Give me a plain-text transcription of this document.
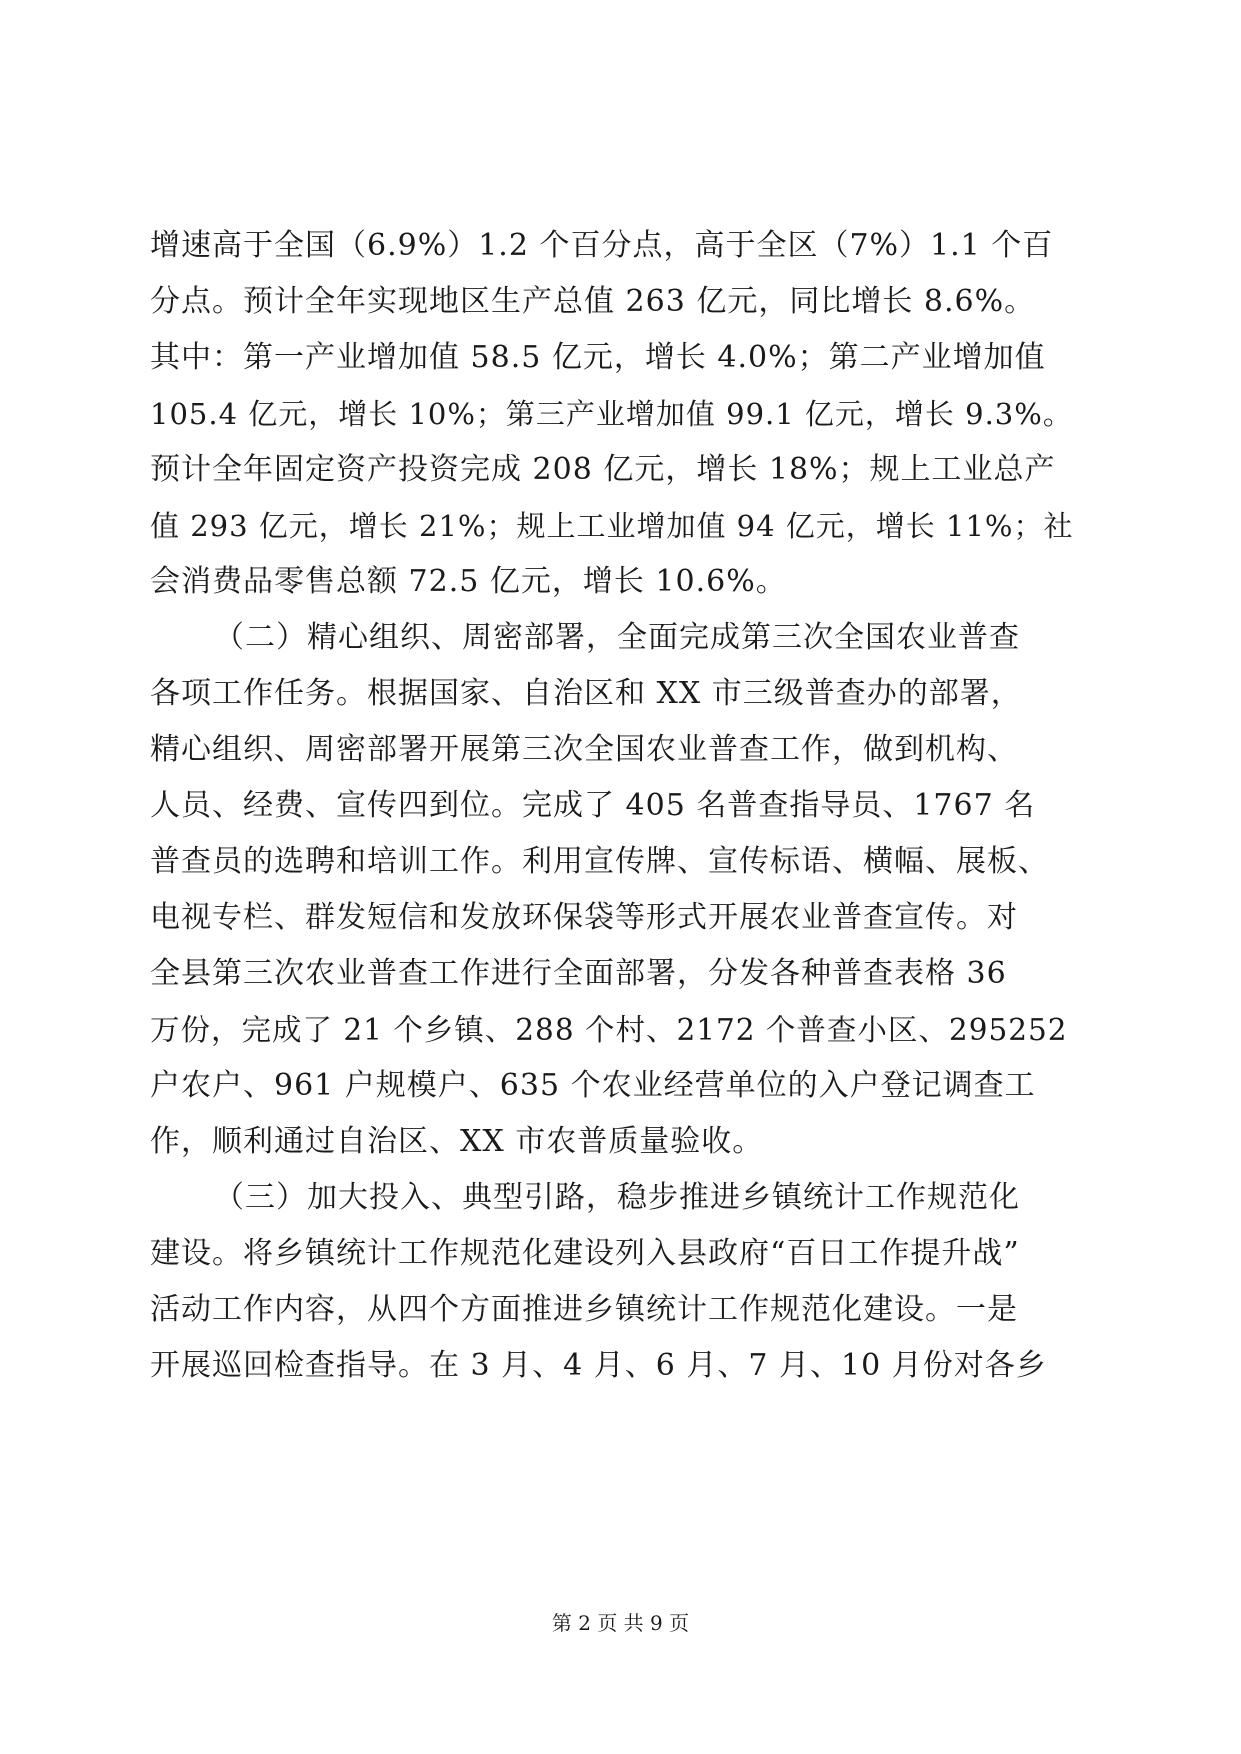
增速高于全国（6.9%）1.2 个百分点，高于全区（7%）1.1 个百
分点。预计全年实现地区生产总值 263 亿元，同比增长 8.6%。
其中：第一产业增加值 58.5 亿元，增长 4.0%；第二产业增加值
105.4 亿元，增长 10%；第三产业增加值 99.1 亿元，增长 9.3%。
预计全年固定资产投资完成 208 亿元，增长 18%；规上工业总产
值 293 亿元，增长 21%；规上工业增加值 94 亿元，增长 11%；社
会消费品零售总额 72.5 亿元，增长 10.6%。
（二）精心组织、周密部署，全面完成第三次全国农业普查
各项工作任务。根据国家、自治区和 XX 市三级普查办的部署，
精心组织、周密部署开展第三次全国农业普查工作，做到机构、
人员、经费、宣传四到位。完成了 405 名普查指导员、1767 名
普查员的选聘和培训工作。利用宣传牌、宣传标语、横幅、展板、
电视专栏、群发短信和发放环保袋等形式开展农业普查宣传。对
全县第三次农业普查工作进行全面部署，分发各种普查表格 36
万份，完成了 21 个乡镇、288 个村、2172 个普查小区、295252
户农户、961 户规模户、635 个农业经营单位的入户登记调查工
作，顺利通过自治区、XX 市农普质量验收。
（三）加大投入、典型引路，稳步推进乡镇统计工作规范化
建设。将乡镇统计工作规范化建设列入县政府“百日工作提升战”
活动工作内容，从四个方面推进乡镇统计工作规范化建设。一是
开展巡回检查指导。在 3 月、4 月、6 月、7 月、10 月份对各乡
第 2 页 共 9 页
